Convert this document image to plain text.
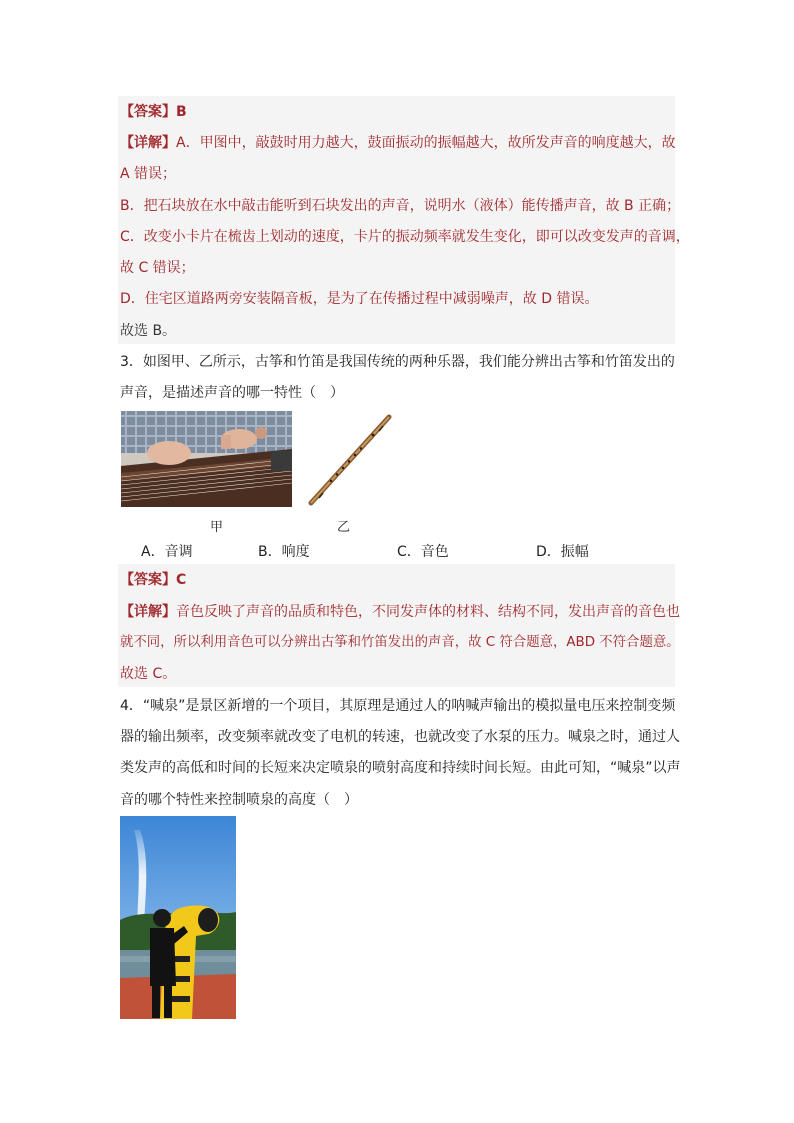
【答案】B
【详解】A．甲图中，敲鼓时用力越大，鼓面振动的振幅越大，故所发声音的响度越大，故
A 错误；
B．把石块放在水中敲击能听到石块发出的声音，说明水（液体）能传播声音，故 B 正确；
C．改变小卡片在梳齿上划动的速度，卡片的振动频率就发生变化，即可以改变发声的音调，
故 C 错误；
D．住宅区道路两旁安装隔音板，是为了在传播过程中减弱噪声，故 D 错误。
故选 B。
3．如图甲、乙所示，古筝和竹笛是我国传统的两种乐器，我们能分辨出古筝和竹笛发出的
声音，是描述声音的哪一特性（　）
甲	乙
A．音调	B．响度	C．音色	D．振幅
【答案】C
【详解】音色反映了声音的品质和特色，不同发声体的材料、结构不同，发出声音的音色也
就不同，所以利用音色可以分辨出古筝和竹笛发出的声音，故 C 符合题意，ABD 不符合题意。
故选 C。
4．“喊泉”是景区新增的一个项目，其原理是通过人的呐喊声输出的模拟量电压来控制变频
器的输出频率，改变频率就改变了电机的转速，也就改变了水泵的压力。喊泉之时，通过人
类发声的高低和时间的长短来决定喷泉的喷射高度和持续时间长短。由此可知，“喊泉”以声
音的哪个特性来控制喷泉的高度（　）
